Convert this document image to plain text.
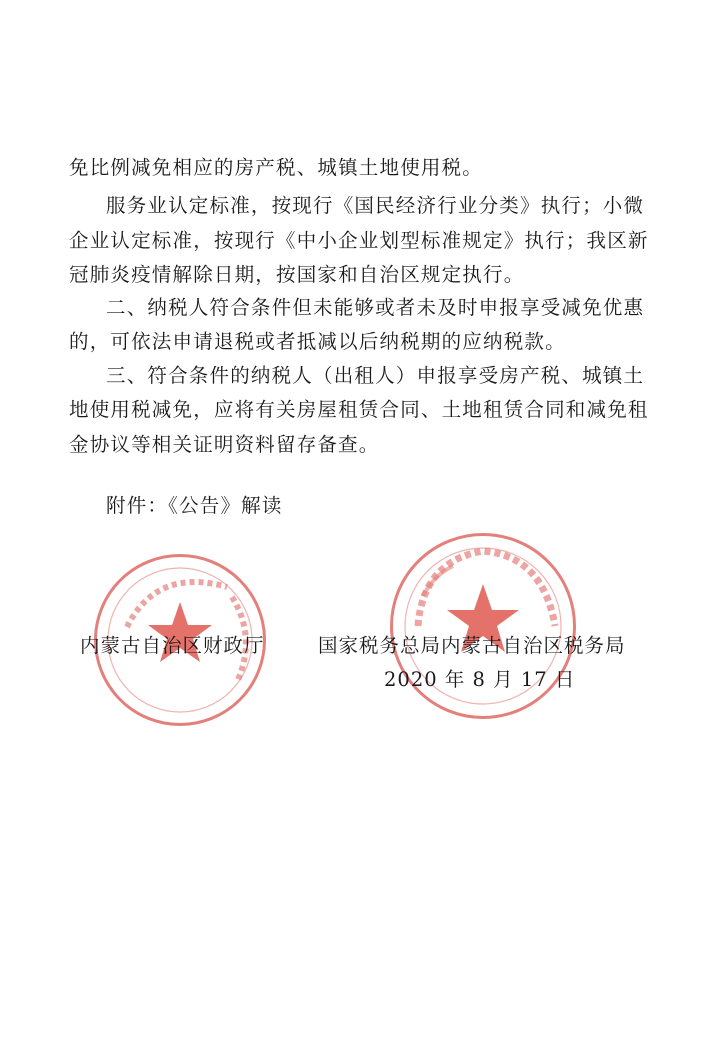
免比例减免相应的房产税、城镇土地使用税。
服务业认定标准，按现行《国民经济行业分类》执行；小微
企业认定标准，按现行《中小企业划型标准规定》执行；我区新
冠肺炎疫情解除日期，按国家和自治区规定执行。
二、纳税人符合条件但未能够或者未及时申报享受减免优惠
的，可依法申请退税或者抵减以后纳税期的应纳税款。
三、符合条件的纳税人（出租人）申报享受房产税、城镇土
地使用税减免，应将有关房屋租赁合同、土地租赁合同和减免租
金协议等相关证明资料留存备查。
附件：《公告》解读
内蒙古自治区财政厅	国家税务总局内蒙古自治区税务局
2020 年 8 月 17 日
